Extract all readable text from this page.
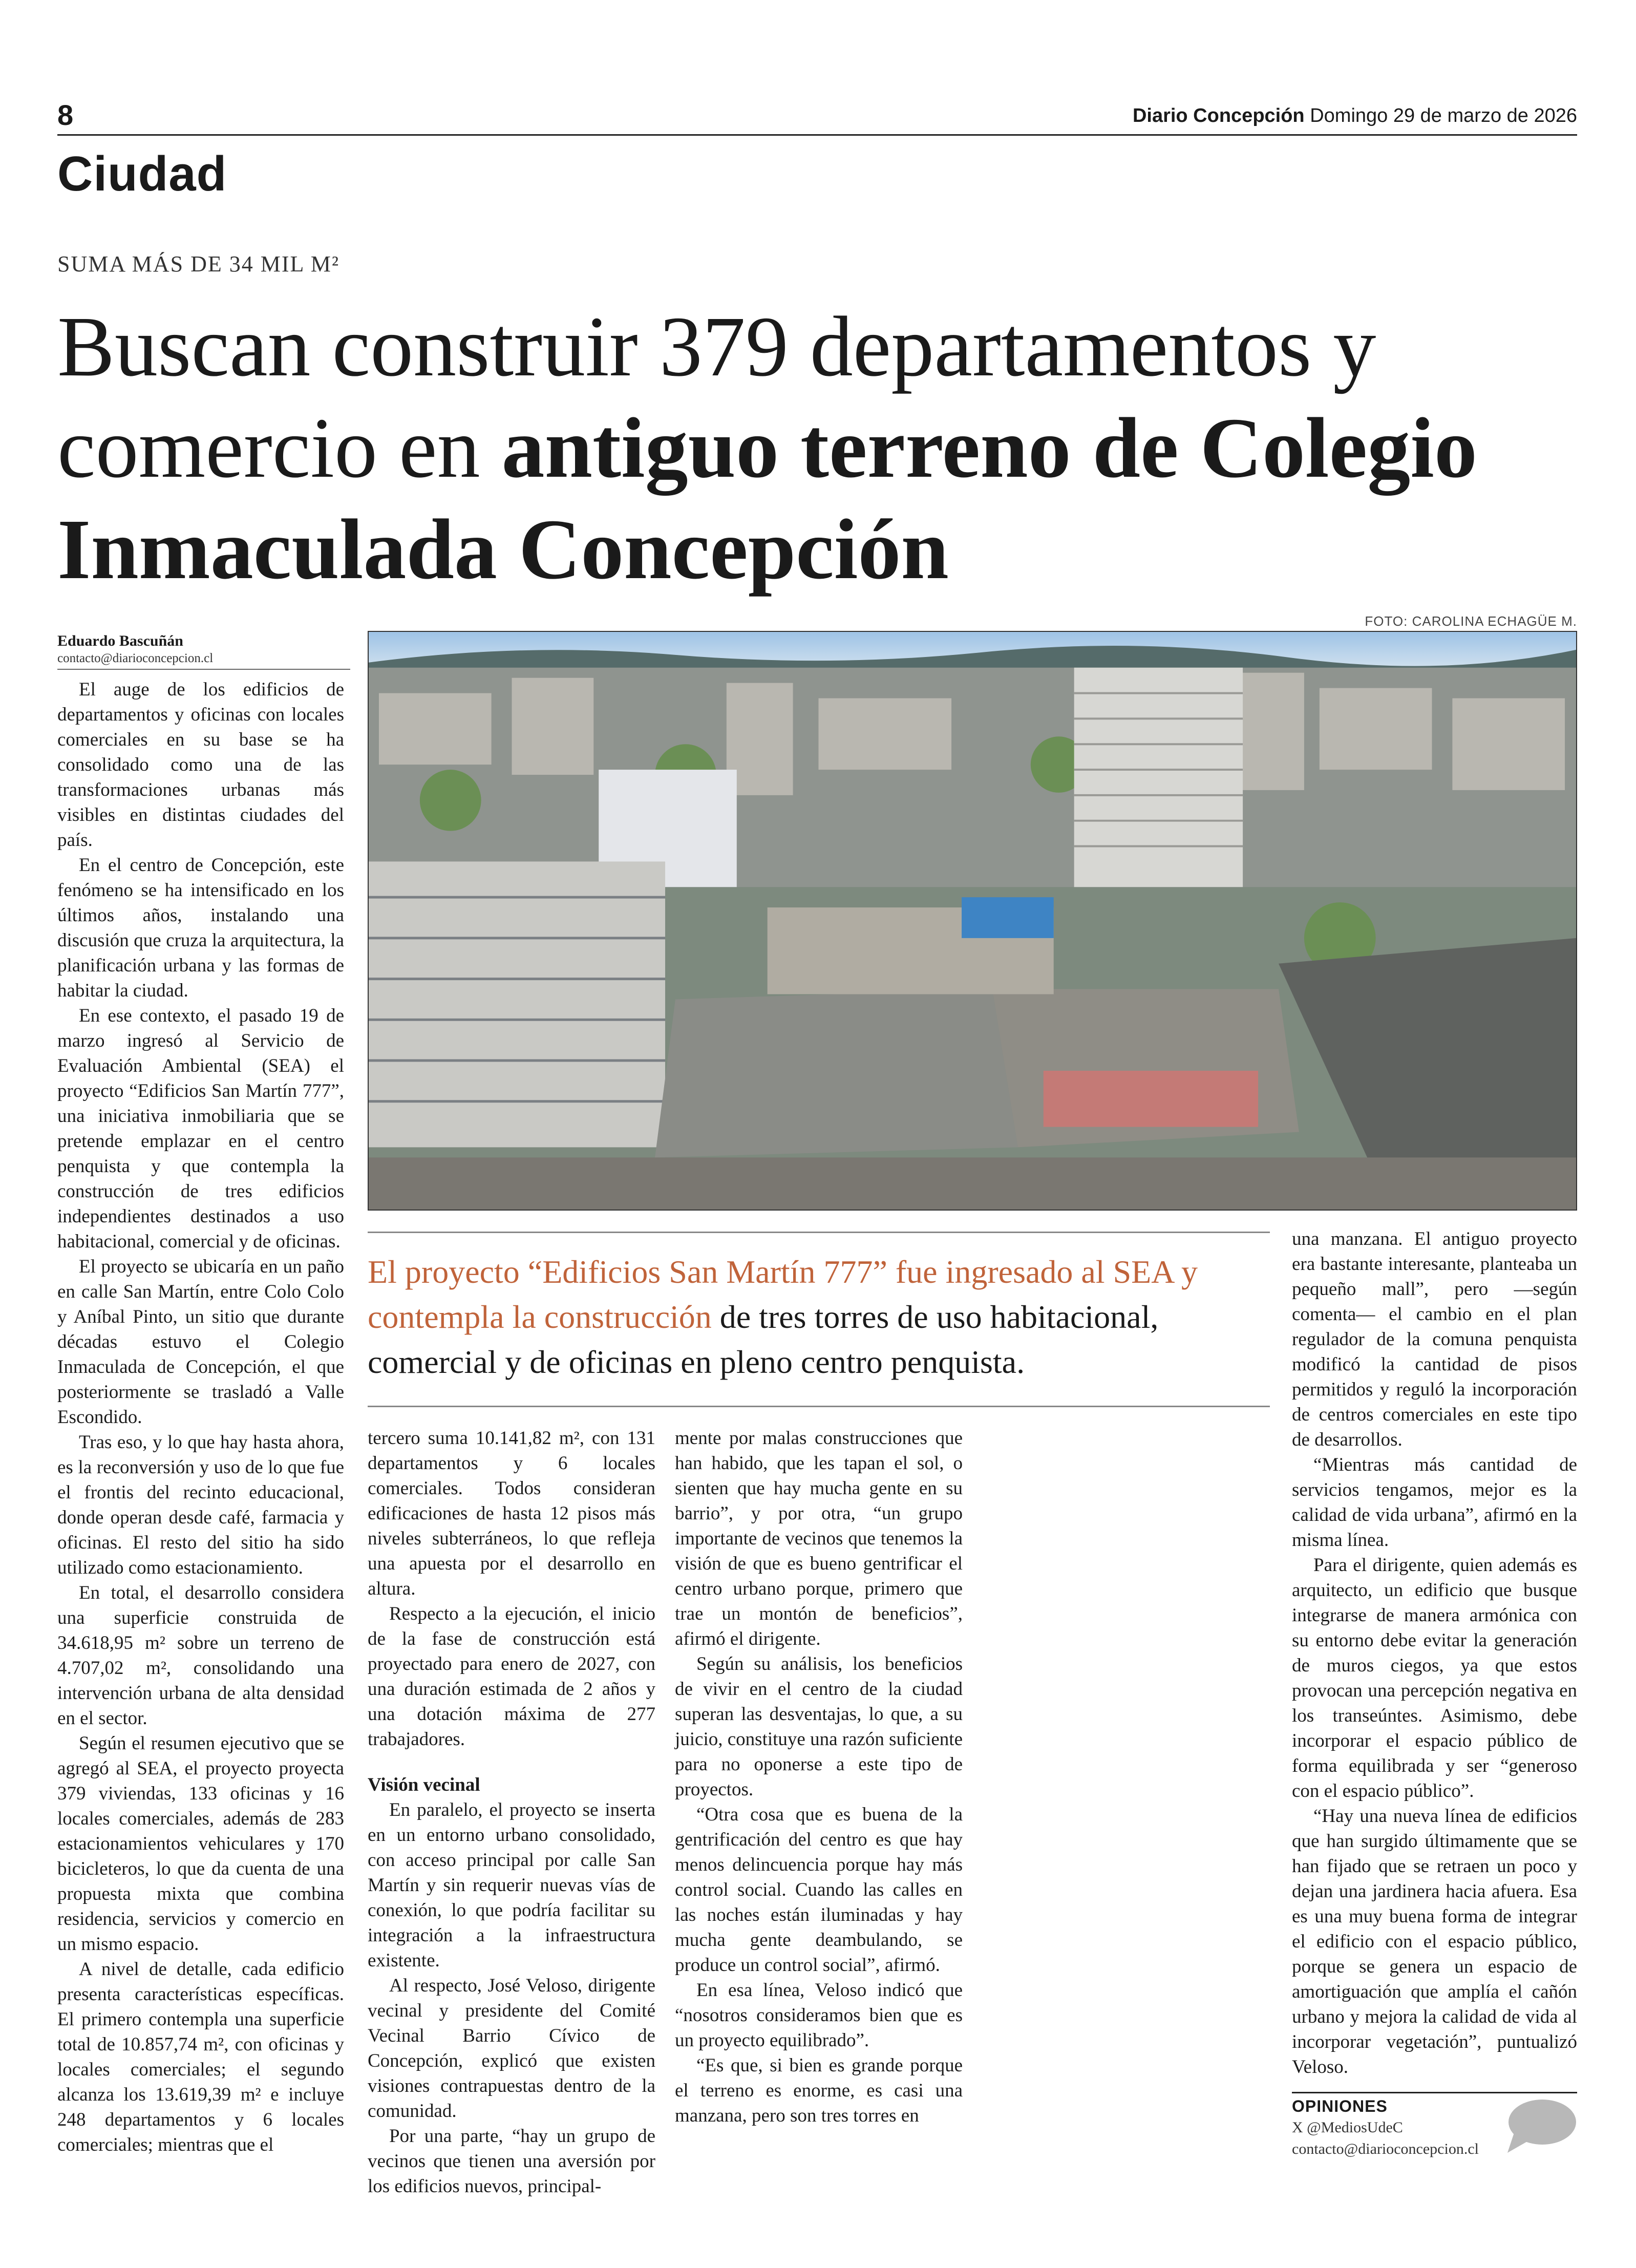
8	Diario Concepción Domingo 29 de marzo de 2026
Ciudad
SUMA MÁS DE 34 MIL M²
Buscan construir 379 departamentos y comercio en antiguo terreno de Colegio Inmaculada Concepción
Eduardo Bascuñán
contacto@diarioconcepcion.cl
FOTO: CAROLINA ECHAGÜE M.

El auge de los edificios de departamentos y oficinas con locales comerciales en su base se ha consolidado como una de las transformaciones urbanas más visibles en distintas ciudades del país.

En el centro de Concepción, este fenómeno se ha intensificado en los últimos años, instalando una discusión que cruza la arquitectura, la planificación urbana y las formas de habitar la ciudad.

En ese contexto, el pasado 19 de marzo ingresó al Servicio de Evaluación Ambiental (SEA) el proyecto “Edificios San Martín 777”, una iniciativa inmobiliaria que se pretende emplazar en el centro penquista y que contempla la construcción de tres edificios independientes destinados a uso habitacional, comercial y de oficinas.

El proyecto se ubicaría en un paño en calle San Martín, entre Colo Colo y Aníbal Pinto, un sitio que durante décadas estuvo el Colegio Inmaculada de Concepción, el que posteriormente se trasladó a Valle Escondido.

Tras eso, y lo que hay hasta ahora, es la reconversión y uso de lo que fue el frontis del recinto educacional, donde operan desde café, farmacia y oficinas. El resto del sitio ha sido utilizado como estacionamiento.

En total, el desarrollo considera una superficie construida de 34.618,95 m² sobre un terreno de 4.707,02 m², consolidando una intervención urbana de alta densidad en el sector.

Según el resumen ejecutivo que se agregó al SEA, el proyecto proyecta 379 viviendas, 133 oficinas y 16 locales comerciales, además de 283 estacionamientos vehiculares y 170 bicicleteros, lo que da cuenta de una propuesta mixta que combina residencia, servicios y comercio en un mismo espacio.

A nivel de detalle, cada edificio presenta características específicas. El primero contempla una superficie total de 10.857,74 m², con oficinas y locales comerciales; el segundo alcanza los 13.619,39 m² e incluye 248 departamentos y 6 locales comerciales; mientras que el

El proyecto “Edificios San Martín 777” fue ingresado al SEA y contempla la construcción de tres torres de uso habitacional, comercial y de oficinas en pleno centro penquista.

tercero suma 10.141,82 m², con 131 departamentos y 6 locales comerciales. Todos consideran edificaciones de hasta 12 pisos más niveles subterráneos, lo que refleja una apuesta por el desarrollo en altura.

Respecto a la ejecución, el inicio de la fase de construcción está proyectado para enero de 2027, con una duración estimada de 2 años y una dotación máxima de 277 trabajadores.

Visión vecinal

En paralelo, el proyecto se inserta en un entorno urbano consolidado, con acceso principal por calle San Martín y sin requerir nuevas vías de conexión, lo que podría facilitar su integración a la infraestructura existente.

Al respecto, José Veloso, dirigente vecinal y presidente del Comité Vecinal Barrio Cívico de Concepción, explicó que existen visiones contrapuestas dentro de la comunidad.

Por una parte, “hay un grupo de vecinos que tienen una aversión por los edificios nuevos, principal-

mente por malas construcciones que han habido, que les tapan el sol, o sienten que hay mucha gente en su barrio”, y por otra, “un grupo importante de vecinos que tenemos la visión de que es bueno gentrificar el centro urbano porque, primero que trae un montón de beneficios”, afirmó el dirigente.

Según su análisis, los beneficios de vivir en el centro de la ciudad superan las desventajas, lo que, a su juicio, constituye una razón suficiente para no oponerse a este tipo de proyectos.

“Otra cosa que es buena de la gentrificación del centro es que hay menos delincuencia porque hay más control social. Cuando las calles en las noches están iluminadas y hay mucha gente deambulando, se produce un control social”, afirmó.

En esa línea, Veloso indicó que “nosotros consideramos bien que es un proyecto equilibrado”.

“Es que, si bien es grande porque el terreno es enorme, es casi una manzana, pero son tres torres en

una manzana. El antiguo proyecto era bastante interesante, planteaba un pequeño mall”, pero —según comenta— el cambio en el plan regulador de la comuna penquista modificó la cantidad de pisos permitidos y reguló la incorporación de centros comerciales en este tipo de desarrollos.

“Mientras más cantidad de servicios tengamos, mejor es la calidad de vida urbana”, afirmó en la misma línea.

Para el dirigente, quien además es arquitecto, un edificio que busque integrarse de manera armónica con su entorno debe evitar la generación de muros ciegos, ya que estos provocan una percepción negativa en los transeúntes. Asimismo, debe incorporar el espacio público de forma equilibrada y ser “generoso con el espacio público”.

“Hay una nueva línea de edificios que han surgido últimamente que se han fijado que se retraen un poco y dejan una jardinera hacia afuera. Esa es una muy buena forma de integrar el edificio con el espacio público, porque se genera un espacio de amortiguación que amplía el cañón urbano y mejora la calidad de vida al incorporar vegetación”, puntualizó Veloso.

OPINIONES
X @MediosUdeC
contacto@diarioconcepcion.cl
